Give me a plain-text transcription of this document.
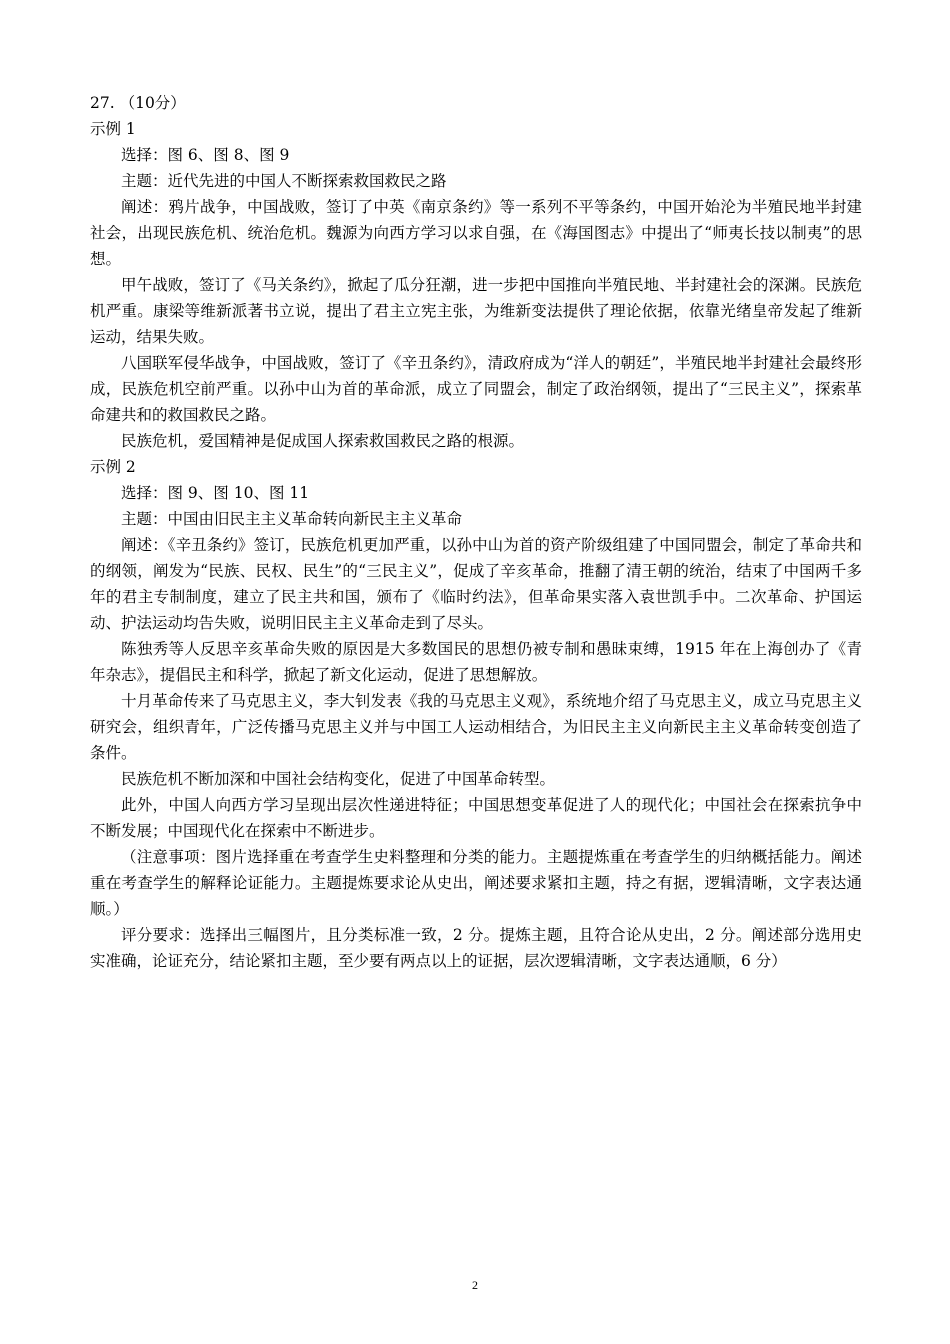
27. （10分）

示例 1

选择：图 6、图 8、图 9

主题：近代先进的中国人不断探索救国救民之路

阐述：鸦片战争，中国战败，签订了中英《南京条约》等一系列不平等条约，中国开始沦为半殖民地半封建社会，出现民族危机、统治危机。魏源为向西方学习以求自强，在《海国图志》中提出了“师夷长技以制夷”的思想。

甲午战败，签订了《马关条约》，掀起了瓜分狂潮，进一步把中国推向半殖民地、半封建社会的深渊。民族危机严重。康梁等维新派著书立说，提出了君主立宪主张，为维新变法提供了理论依据，依靠光绪皇帝发起了维新运动，结果失败。

八国联军侵华战争，中国战败，签订了《辛丑条约》，清政府成为“洋人的朝廷”，半殖民地半封建社会最终形成，民族危机空前严重。以孙中山为首的革命派，成立了同盟会，制定了政治纲领，提出了“三民主义”，探索革命建共和的救国救民之路。

民族危机，爱国精神是促成国人探索救国救民之路的根源。

示例 2

选择：图 9、图 10、图 11

主题：中国由旧民主主义革命转向新民主主义革命

阐述：《辛丑条约》签订，民族危机更加严重，以孙中山为首的资产阶级组建了中国同盟会，制定了革命共和的纲领，阐发为“民族、民权、民生”的“三民主义”，促成了辛亥革命，推翻了清王朝的统治，结束了中国两千多年的君主专制制度，建立了民主共和国，颁布了《临时约法》，但革命果实落入袁世凯手中。二次革命、护国运动、护法运动均告失败，说明旧民主主义革命走到了尽头。

陈独秀等人反思辛亥革命失败的原因是大多数国民的思想仍被专制和愚昧束缚，1915 年在上海创办了《青年杂志》，提倡民主和科学，掀起了新文化运动，促进了思想解放。

十月革命传来了马克思主义，李大钊发表《我的马克思主义观》，系统地介绍了马克思主义，成立马克思主义研究会，组织青年，广泛传播马克思主义并与中国工人运动相结合，为旧民主主义向新民主主义革命转变创造了条件。

民族危机不断加深和中国社会结构变化，促进了中国革命转型。

此外，中国人向西方学习呈现出层次性递进特征；中国思想变革促进了人的现代化；中国社会在探索抗争中不断发展；中国现代化在探索中不断进步。

（注意事项：图片选择重在考查学生史料整理和分类的能力。主题提炼重在考查学生的归纳概括能力。阐述重在考查学生的解释论证能力。主题提炼要求论从史出，阐述要求紧扣主题，持之有据，逻辑清晰，文字表达通顺。）

评分要求：选择出三幅图片，且分类标准一致，2 分。提炼主题，且符合论从史出，2 分。阐述部分选用史实准确，论证充分，结论紧扣主题，至少要有两点以上的证据，层次逻辑清晰，文字表达通顺，6 分）

2
